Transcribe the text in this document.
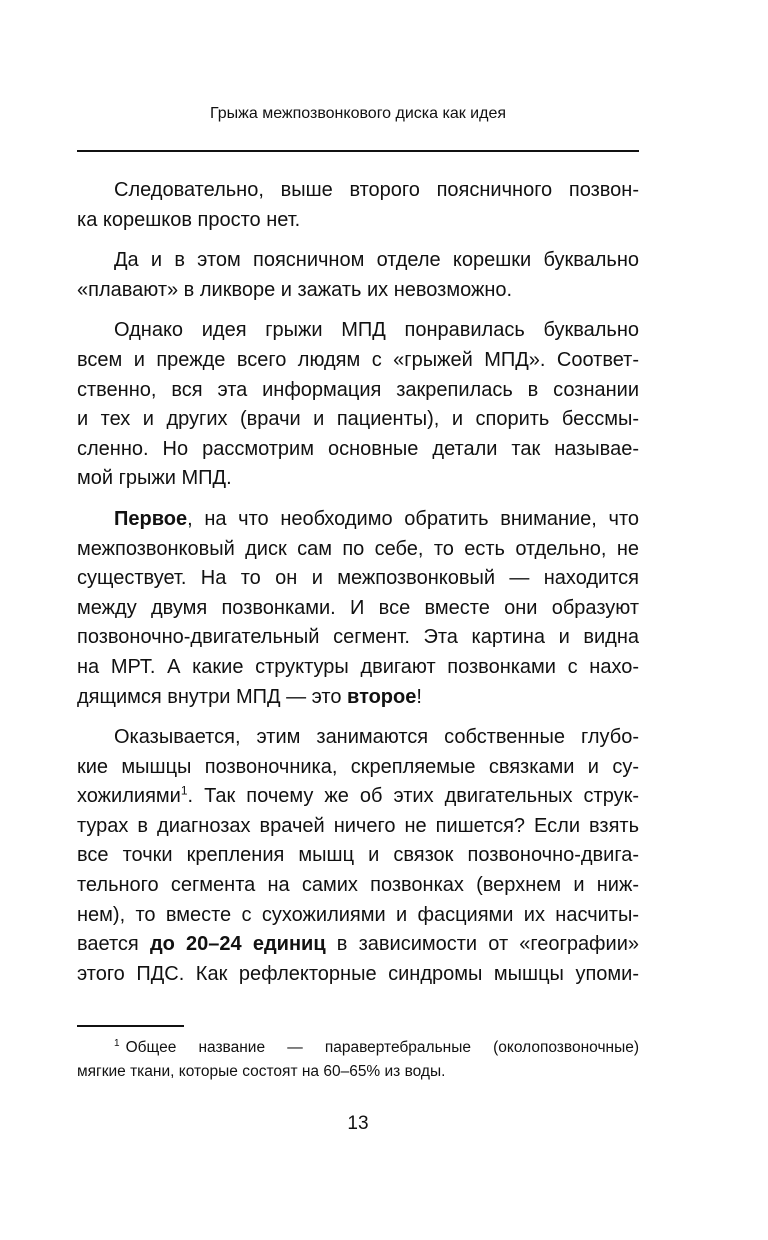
Грыжа межпозвонкового диска как идея

Следовательно, выше второго поясничного позвон-
ка корешков просто нет.

Да и в этом поясничном отделе корешки буквально
«плавают» в ликворе и зажать их невозможно.

Однако идея грыжи МПД понравилась буквально
всем и прежде всего людям с «грыжей МПД». Соответ-
ственно, вся эта информация закрепилась в сознании
и тех и других (врачи и пациенты), и спорить бессмы-
сленно. Но рассмотрим основные детали так называе-
мой грыжи МПД.

Первое, на что необходимо обратить внимание, что
межпозвонковый диск сам по себе, то есть отдельно, не
существует. На то он и межпозвонковый — находится
между двумя позвонками. И все вместе они образуют
позвоночно-двигательный сегмент. Эта картина и видна
на МРТ. А какие структуры двигают позвонками с нахо-
дящимся внутри МПД — это второе!

Оказывается, этим занимаются собственные глубо-
кие мышцы позвоночника, скрепляемые связками и су-
хожилиями$^1$. Так почему же об этих двигательных струк-
турах в диагнозах врачей ничего не пишется? Если взять
все точки крепления мышц и связок позвоночно-двига-
тельного сегмента на самих позвонках (верхнем и ниж-
нем), то вместе с сухожилиями и фасциями их насчиты-
вается до 20–24 единиц в зависимости от «географии»
этого ПДС. Как рефлекторные синдромы мышцы упоми-

$^1$ Общее название — паравертебральные (околопозвоночные)
мягкие ткани, которые состоят на 60–65% из воды.
13
